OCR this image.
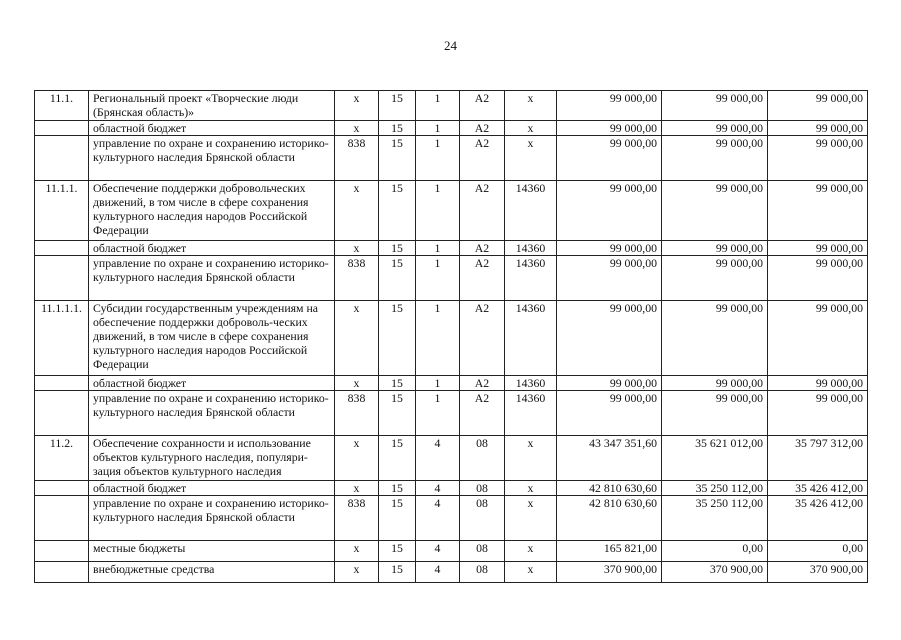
24
11.1.	Региональный проект «Творческие люди (Брянская область)»	х	15	1	А2	х	99 000,00	99 000,00	99 000,00
	областной бюджет	х	15	1	А2	х	99 000,00	99 000,00	99 000,00
	управление по охране и сохранению историко-культурного наследия Брянской области	838	15	1	А2	х	99 000,00	99 000,00	99 000,00
11.1.1.	Обеспечение поддержки добровольческих движений, в том числе в сфере сохранения культурного наследия народов Российской Федерации	х	15	1	А2	14360	99 000,00	99 000,00	99 000,00
	областной бюджет	х	15	1	А2	14360	99 000,00	99 000,00	99 000,00
	управление по охране и сохранению историко-культурного наследия Брянской области	838	15	1	А2	14360	99 000,00	99 000,00	99 000,00
11.1.1.1.	Субсидии государственным учреждениям на обеспечение поддержки доброволь-ческих движений, в том числе в сфере сохранения культурного наследия народов Российской Федерации	х	15	1	А2	14360	99 000,00	99 000,00	99 000,00
	областной бюджет	х	15	1	А2	14360	99 000,00	99 000,00	99 000,00
	управление по охране и сохранению историко-культурного наследия Брянской области	838	15	1	А2	14360	99 000,00	99 000,00	99 000,00
11.2.	Обеспечение сохранности и использование объектов культурного наследия, популяри-зация объектов культурного наследия	х	15	4	08	х	43 347 351,60	35 621 012,00	35 797 312,00
	областной бюджет	х	15	4	08	х	42 810 630,60	35 250 112,00	35 426 412,00
	управление по охране и сохранению историко-культурного наследия Брянской области	838	15	4	08	х	42 810 630,60	35 250 112,00	35 426 412,00
	местные бюджеты	х	15	4	08	х	165 821,00	0,00	0,00
	внебюджетные средства	х	15	4	08	х	370 900,00	370 900,00	370 900,00
